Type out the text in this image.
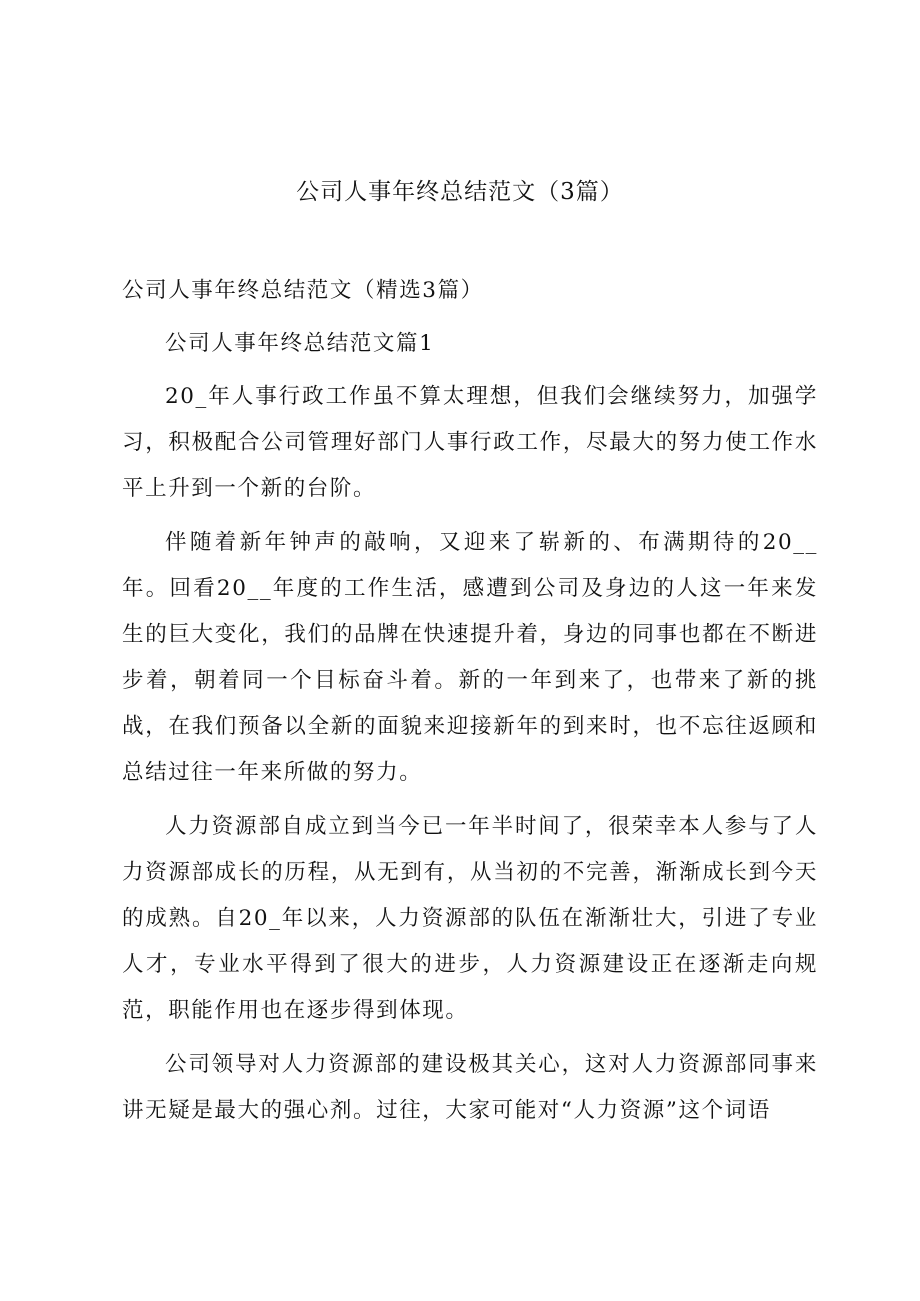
公司人事年终总结范文（3篇）

公司人事年终总结范文（精选3篇）

公司人事年终总结范文篇1

20_年人事行政工作虽不算太理想，但我们会继续努力，加强学习，积极配合公司管理好部门人事行政工作，尽最大的努力使工作水平上升到一个新的台阶。

伴随着新年钟声的敲响，又迎来了崭新的、布满期待的20__年。回看20__年度的工作生活，感遭到公司及身边的人这一年来发生的巨大变化，我们的品牌在快速提升着，身边的同事也都在不断进步着，朝着同一个目标奋斗着。新的一年到来了，也带来了新的挑战，在我们预备以全新的面貌来迎接新年的到来时，也不忘往返顾和总结过往一年来所做的努力。

人力资源部自成立到当今已一年半时间了，很荣幸本人参与了人力资源部成长的历程，从无到有，从当初的不完善，渐渐成长到今天的成熟。自20_年以来，人力资源部的队伍在渐渐壮大，引进了专业人才，专业水平得到了很大的进步，人力资源建设正在逐渐走向规范，职能作用也在逐步得到体现。

公司领导对人力资源部的建设极其关心，这对人力资源部同事来讲无疑是最大的强心剂。过往，大家可能对“人力资源”这个词语
